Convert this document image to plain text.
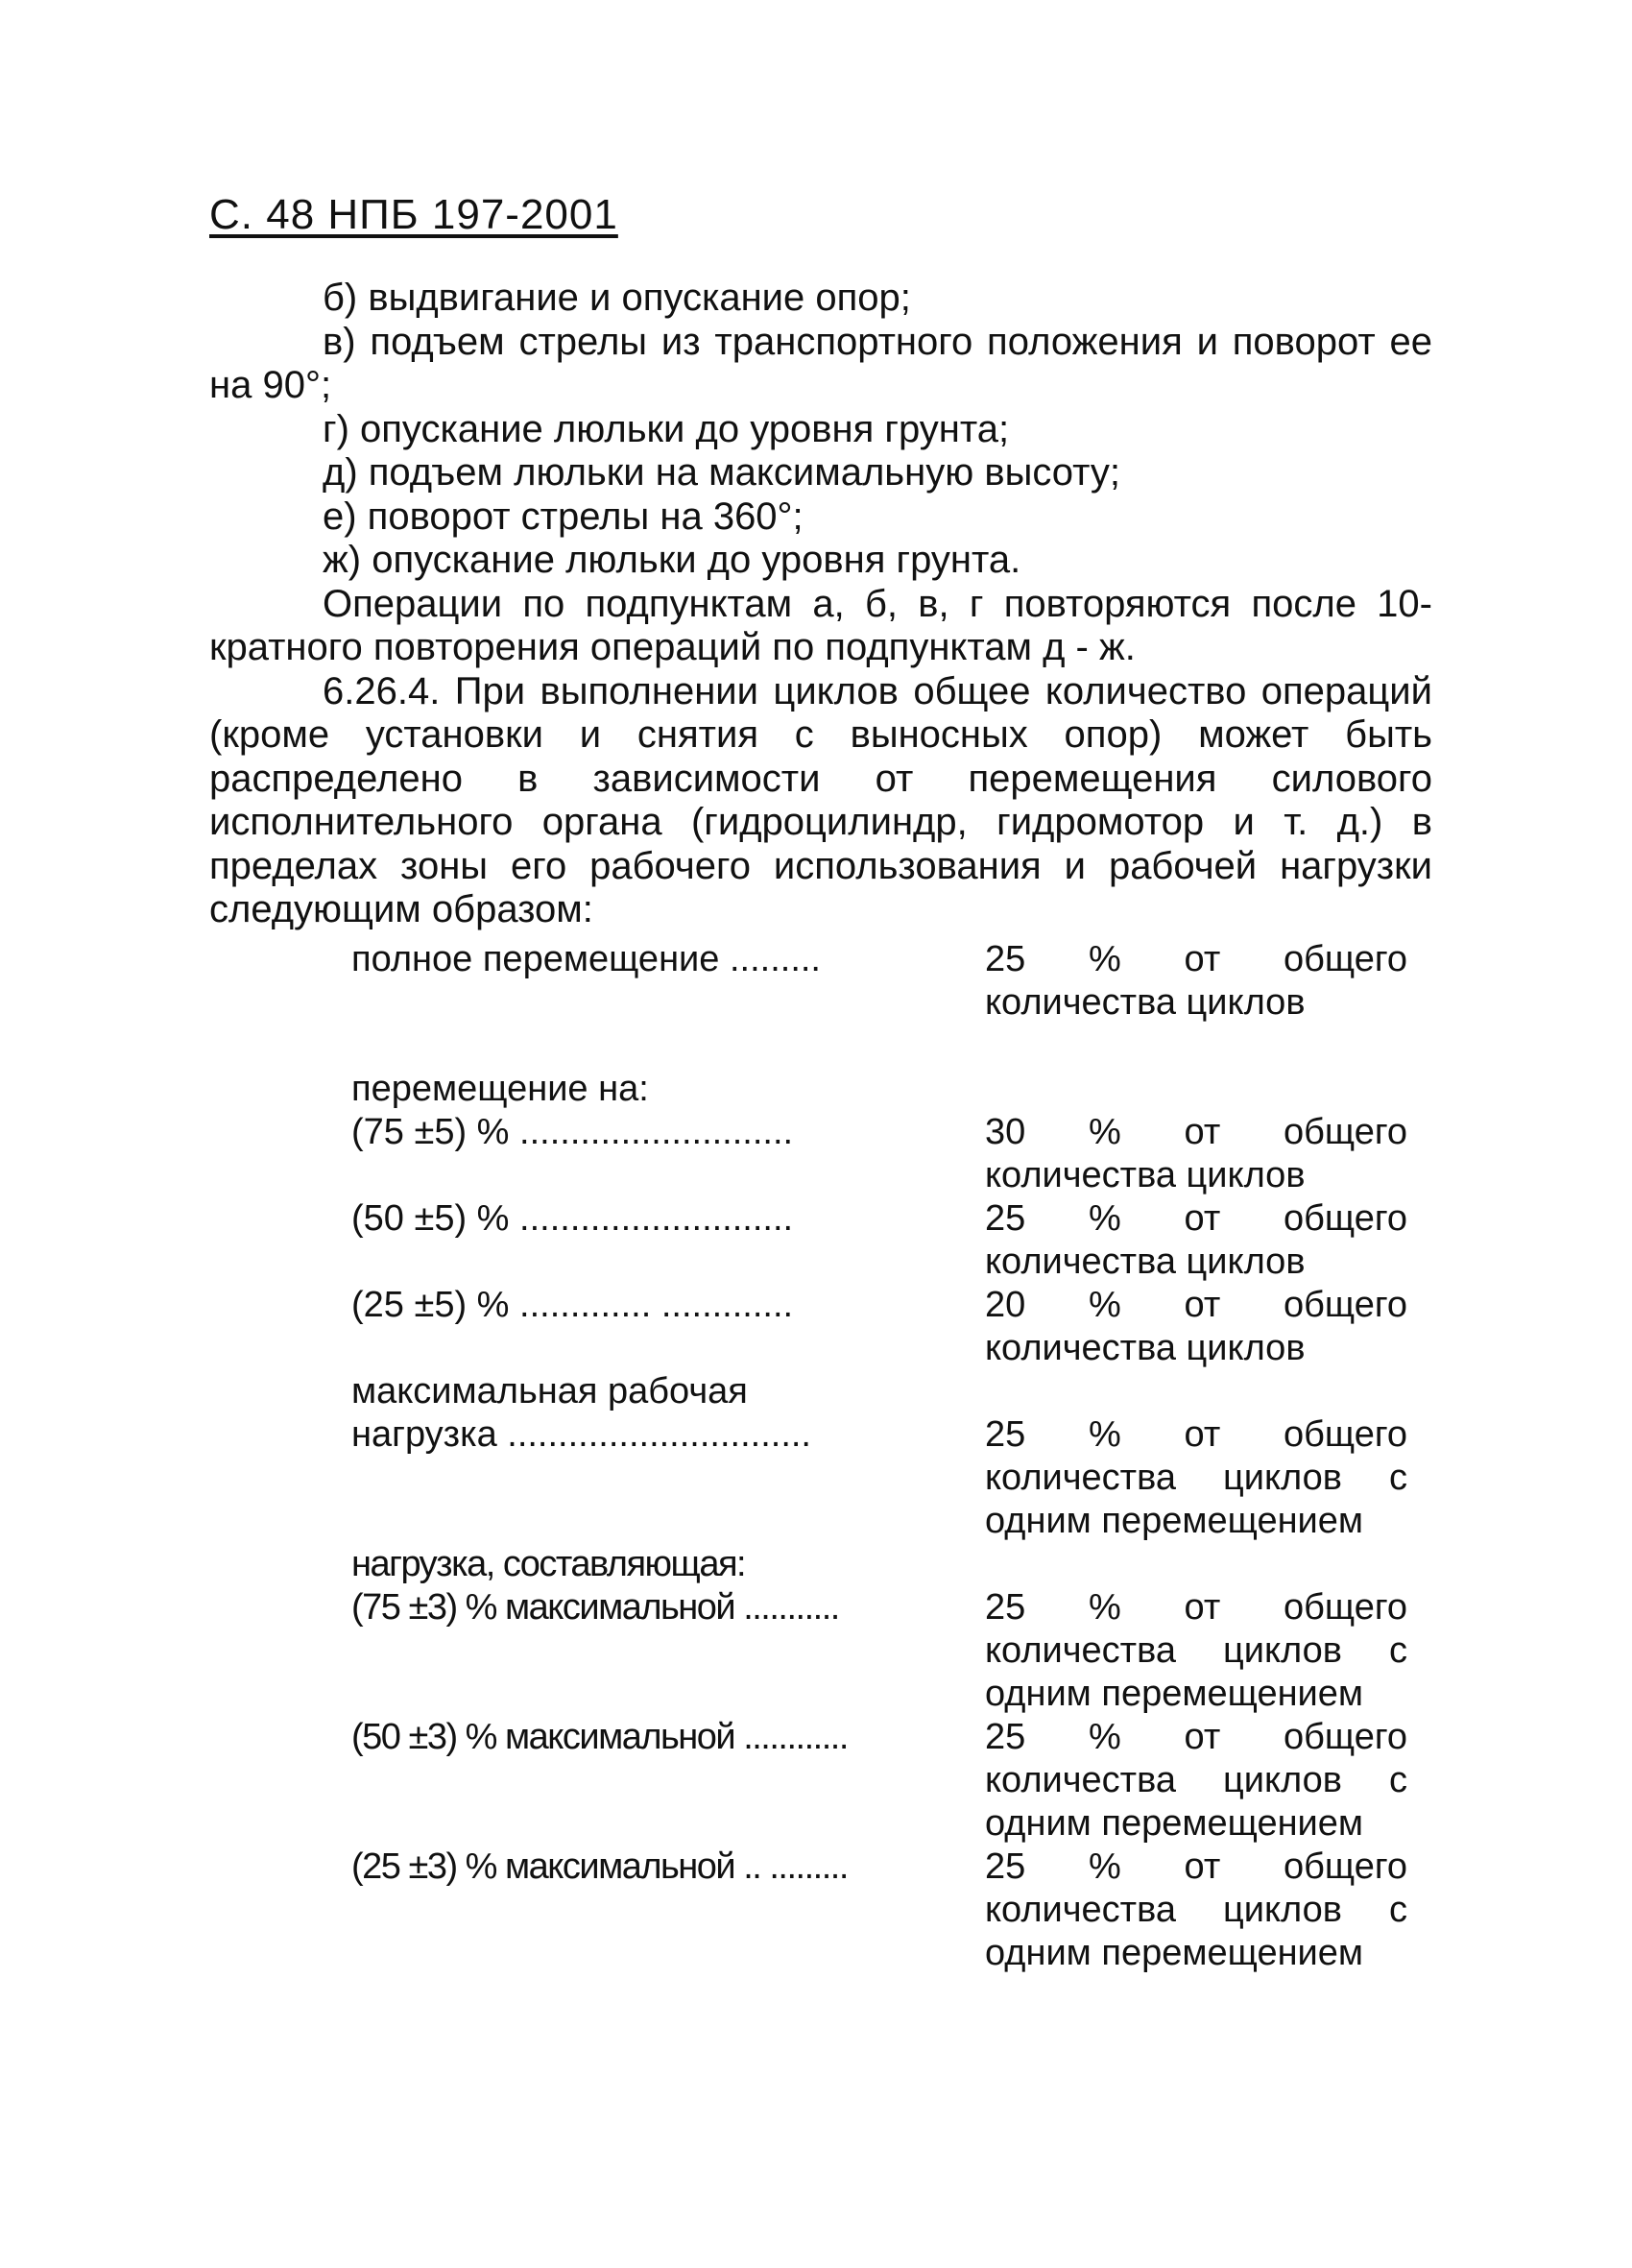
С. 48 НПБ 197-2001
б) выдвигание и опускание опор;
в) подъем стрелы из транспортного положения и поворот ее на 90°;
г) опускание люльки до уровня грунта;
д) подъем люльки на максимальную высоту;
е) поворот стрелы на 360°;
ж) опускание люльки до уровня грунта.
Операции по подпунктам а, б, в, г повторяются после 10-кратного повторения операций по подпунктам д - ж.
6.26.4. При выполнении циклов общее количество операций (кроме установки и снятия с выносных опор) может быть распределено в зависимости от перемещения силового исполнительного органа (гидроцилиндр, гидромотор и т. д.) в пределах зоны его рабочего использования и рабочей нагрузки следующим образом:
полное перемещение .........	25 % от общего количества циклов
перемещение на:
(75 ±5) % ...........................	30 % от общего количества циклов
(50 ±5) % ...........................	25 % от общего количества циклов
(25 ±5) % ............. .............	20 % от общего количества циклов
максимальная рабочая
нагрузка ..............................	25 % от общего количества циклов с одним перемещением
нагрузка, составляющая:
(75 ±3) % максимальной ...........	25 % от общего количества циклов с одним перемещением
(50 ±3) % максимальной ............	25 % от общего количества циклов с одним перемещением
(25 ±3) % максимальной .. .........	25 % от общего количества циклов с одним перемещением
